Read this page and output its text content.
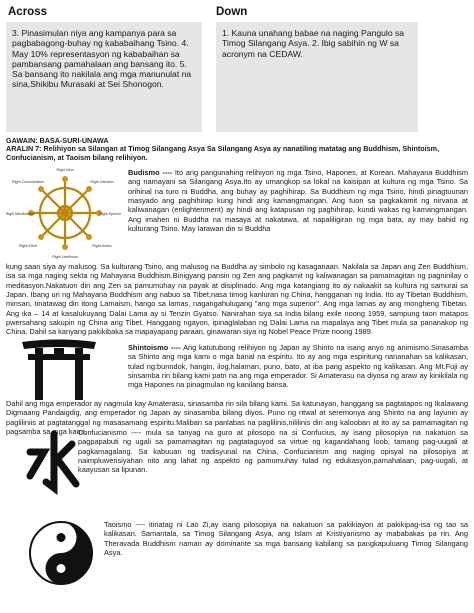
Across	Down

3. Pinasimulan niya ang kampanya para sa pagbabagong-buhay ng kababaihang Tsino. 4. May 10% representasyon ng kababaihan sa pambansang pamahalaan ang bansang ito. 5. Sa bansang ito nakilala ang mga manunulat na sina,Shikibu Murasaki at Sei Shonogon.

1. Kauna unahang babae na naging Pangulo sa Timog Silangang Asya. 2. Ibig sabihin ng W sa acronym na CEDAW.

GAWAIN: BASA-SURI-UNAWA
ARALIN 7: Relihiyon sa Silangan at Timog Silangang Asya Sa Silangang Asya ay nanatiling matatag ang Buddhism, Shintoism, Confucianism, at Taoism bilang relihiyon.
Right View
Right Intention
Right Speech
Right Action
Right Livelihood
Right Effort
Right Mindfulness
Right Concentration
Budismo ---- Ito ang pangunahing relihiyon ng mga Tsino, Hapones, at Korean. Mahayana Buddhism ang namayani sa Silangang Asya.Ito ay umangkop sa lokal na kaisipan at kultura ng mga Tsino. Sa orihinal na turo ni Buddha, ang buhay ay paghihirap. Sa Buddhism ng mga Tsino, hindi pinagtuunan masyado ang paghihirap kung hindi ang kamangmangan. Ang tuon sa pagkakamit ng nirvana at kaliwanagan (enlightenment) ay hindi ang katapusan ng paghihirap, kundi wakas ng kamangmangan. Ang imahen ni Buddha na masaya at nakatawa, at napaliligiran ng mga bata, ay may bahid ng kulturang Tsino. May larawan din si Buddha
kung saan siya ay malusog. Sa kulturang Tsino, ang malusog na Buddha ay simbolo ng kasaganaan. Nakilala sa Japan ang Zen Buddhism, isa sa mga naging sekta ng Mahayana Buddhism.Binigyang pansin ng Zen ang pagkamit ng kaliwanagan sa pamamagitan ng pagninilay o meditasyon.Nakatuon din ang Zen sa pamumuhay na payak at disiplinado. Ang mga katangiang ito ay nakaakit sa kultura ng samurai sa Japan. Ibang uri ng Mahayana Buddhism ang nabuo sa Tibet,nasa timog kanluran ng China, hangganan ng India. Ito ay Tibetan Buddhism, minsan, tinatawag din itong Lamaism, hango sa lamas, nagangahulugang "ang mga superior". Ang mga lamas ay ang mongheng Tibetan. Ang ika – 14 at kasalukuyang Dalai Lama ay si Tenzin Gyatso. Nanirahan siya sa India bilang exile noong 1959, sampung taon matapos pwersahang sakupin ng China ang Tibet. Hanggang ngayon, ipinaglalaban ng Dalai Lama na mapalaya ang Tibet mula sa pananakop ng China. Dahil sa kanyang pakikibaka sa mapayapang paraan, ginawaran siya ng Nobel Peace Prize noong 1989.
Shintoismo ---- Ang katutubong relihiyon ng Japan ay Shinto na isang anyo ng animismo.Sinasamba sa Shinto ang mga kami o mga banal na espiritu. Ito ay ang mga espiritung nananahan sa kalikasan, tulad ng:bunndok, hangin, ilog,halaman, puno, bato, at iba pang aspekto ng kalikasan. Ang Mt.Fuji ay sinsamba rin bilang kami patri na ang mga emperador. Si Amaterasu na diyosa ng araw ay kinikilala ng mga Hapones na pinagmulan ng kanilang bansa.
Dahil ang mga emperador ay nagmula kay Amaterasu, sinasamba rin sila bilang kami. Sa katunayan, hanggang sa pagtatapos ng Ikalawang Digmaang Pandaigdig, ang emperador ng Japan ay sinasamba bilang diyos. Puno ng ritwal at seremonya ang Shinto na ang layunin ay pagliliniis at pagtatanggal ng masasamang espiritu.Maliban sa panlabas na paglilinis,nililinis din ang kalooban at ito ay sa pamamagitan ng pagsamba sa mga kami.
Confucianismo ---- mula sa tanyag na guro at pilosopo na si Confucius, ay isang pilosopiya na nakatuon sa pagpapabuti ng ugali sa pamamagitan ng pagtataguyod sa virtue ng kagandahang loob, tamang pag-uugali at pagkamagalang. Sa kabuuan ng tradisyunal na China, Confucianism ang naging opisyal na pilosopiya at naimpluwensiyahan nito ang lahat ng aspekto ng pamumuhay tulad ng edukasyon,pamahalaan, pag-uugali, at kaayusan sa lipunan.
Taoismo ---- itinatag ni Lao Zi,ay isang pilosopiya na nakatuon sa pakikiayon at pakikipag-isa ng tao sa kalikasan. Samantala, sa Timog Silangang Asya, ang Islam at Kristiyanismo ay mababakas pa rin. Ang Theravada Buddhism naman ay dominante sa mga bansang kabilang sa pangkapuluang Timog Silangang Asya.
